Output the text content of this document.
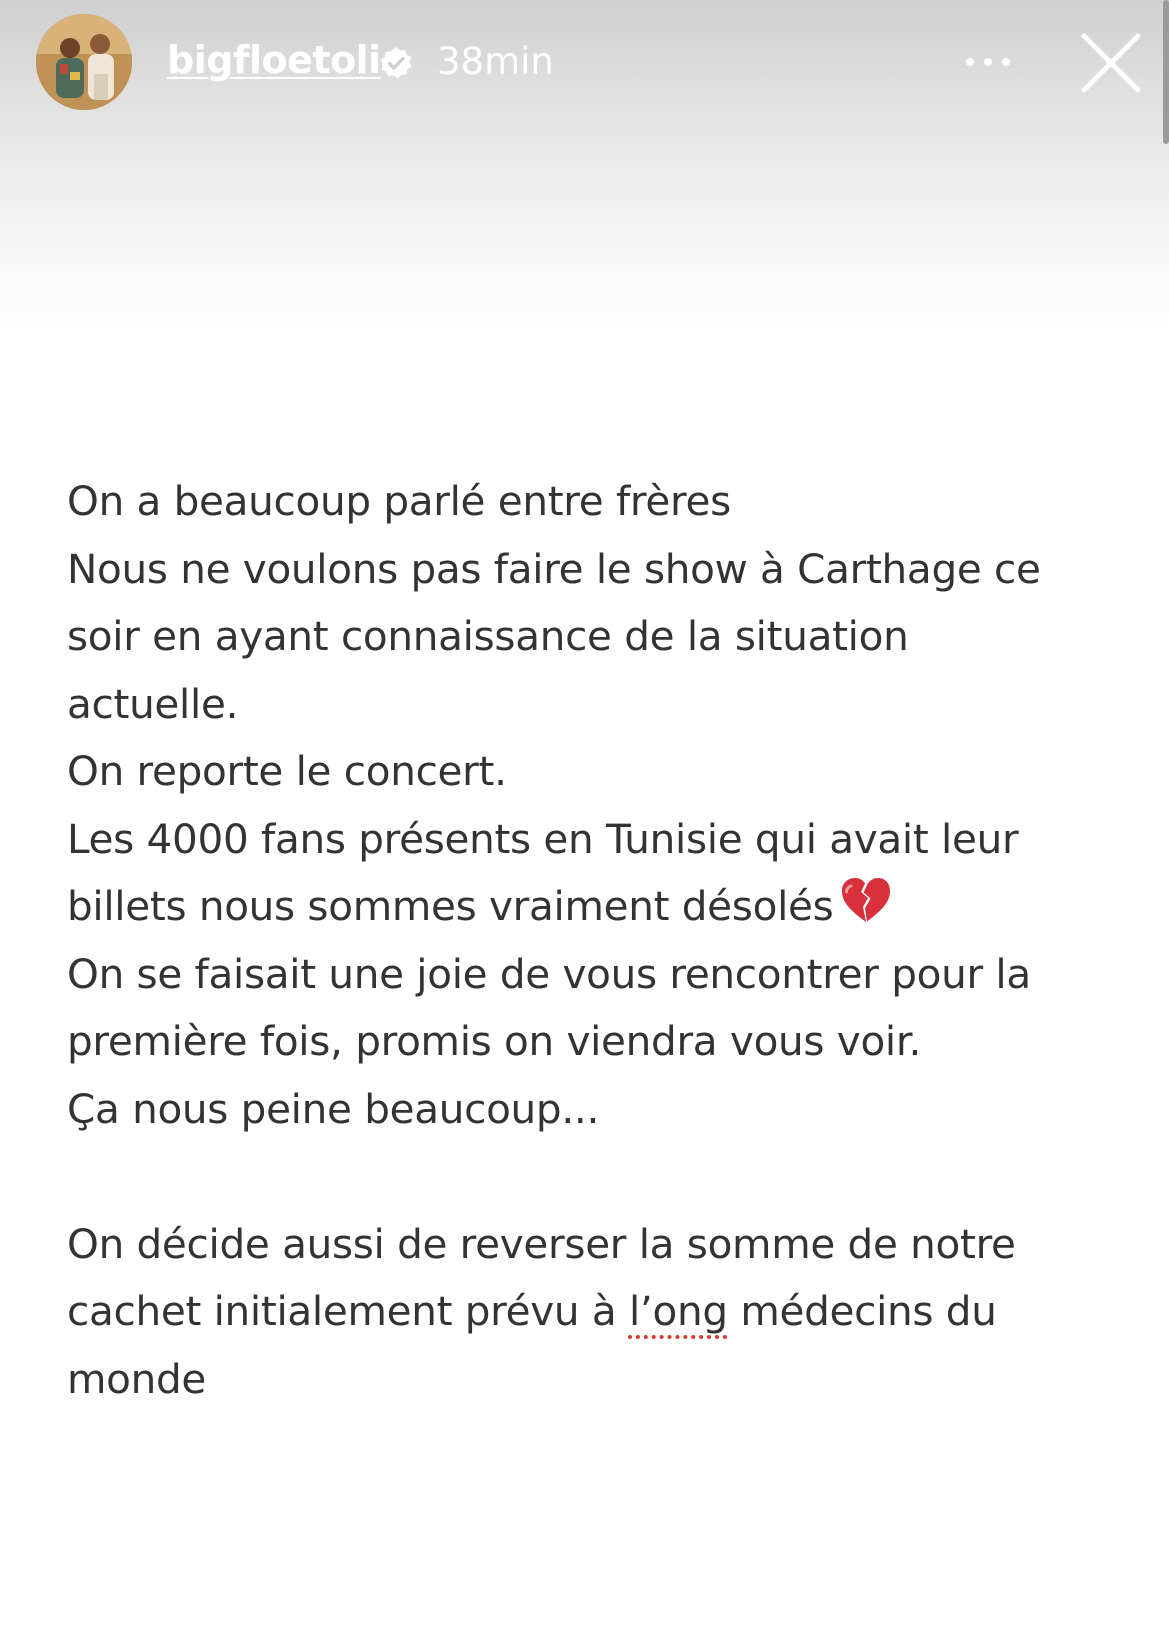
bigfloetoli 38min
On a beaucoup parlé entre frères
Nous ne voulons pas faire le show à Carthage ce
soir en ayant connaissance de la situation
actuelle.
On reporte le concert.
Les 4000 fans présents en Tunisie qui avait leur
billets nous sommes vraiment désolés
On se faisait une joie de vous rencontrer pour la
première fois, promis on viendra vous voir.
Ça nous peine beaucoup...
On décide aussi de reverser la somme de notre
cachet initialement prévu à l’ong médecins du
monde
